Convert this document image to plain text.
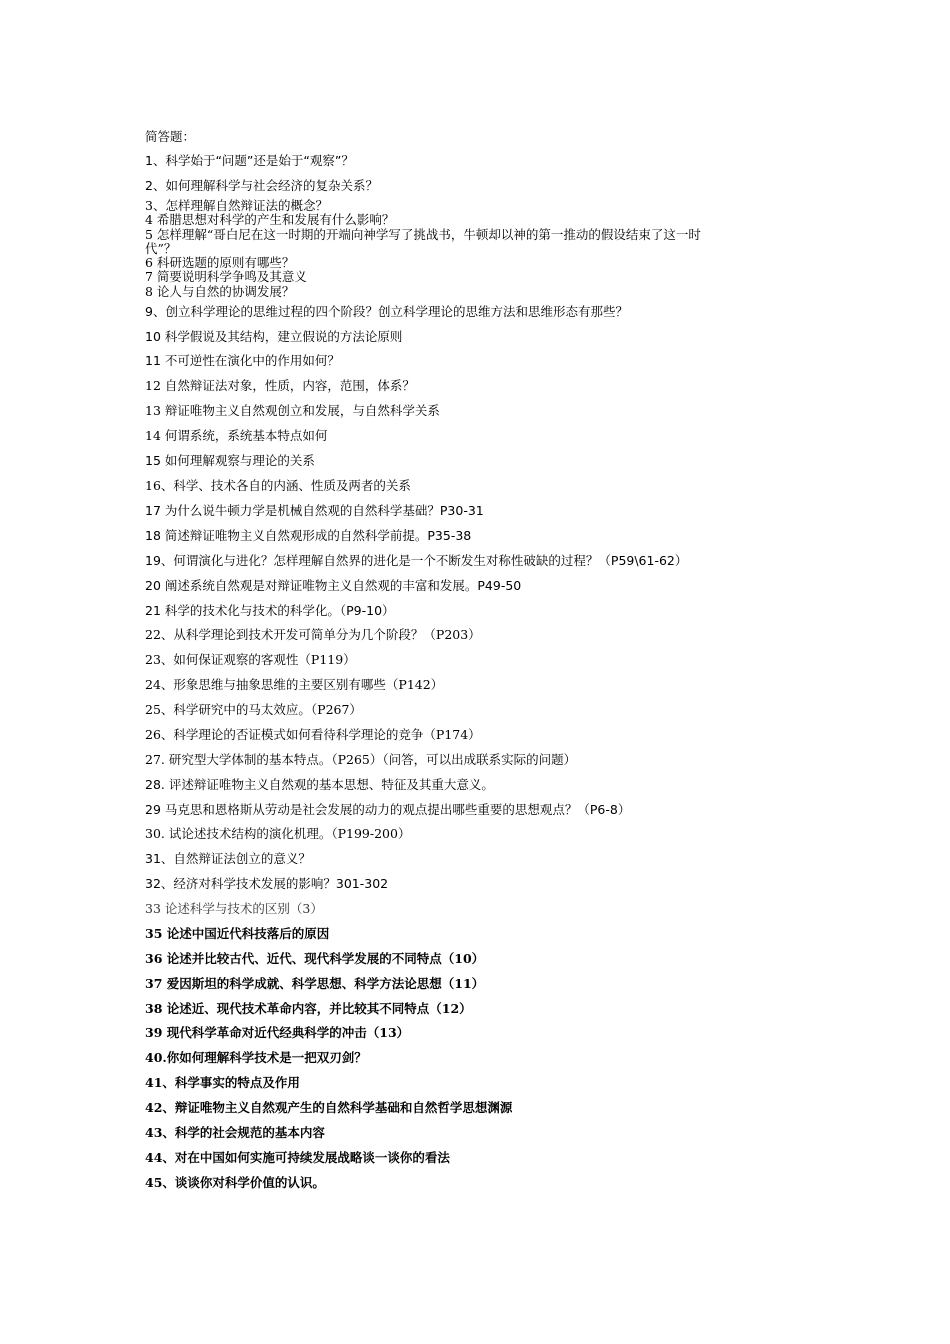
简答题：
1、科学始于“问题”还是始于“观察”？
2、如何理解科学与社会经济的复杂关系？
3、怎样理解自然辩证法的概念？
4 希腊思想对科学的产生和发展有什么影响？
5 怎样理解“哥白尼在这一时期的开端向神学写了挑战书，牛顿却以神的第一推动的假设结束了这一时
代”？
6 科研选题的原则有哪些？
7 简要说明科学争鸣及其意义
8 论人与自然的协调发展？
9、创立科学理论的思维过程的四个阶段？创立科学理论的思维方法和思维形态有那些？
10 科学假说及其结构，建立假说的方法论原则
11 不可逆性在演化中的作用如何？
12 自然辩证法对象，性质，内容，范围，体系？
13 辩证唯物主义自然观创立和发展，与自然科学关系
14 何谓系统，系统基本特点如何
15 如何理解观察与理论的关系
16、科学、技术各自的内涵、性质及两者的关系
17 为什么说牛顿力学是机械自然观的自然科学基础？P30-31
18 简述辩证唯物主义自然观形成的自然科学前提。P35-38
19、何谓演化与进化？怎样理解自然界的进化是一个不断发生对称性破缺的过程？（P59\61-62）
20 阐述系统自然观是对辩证唯物主义自然观的丰富和发展。P49-50
21 科学的技术化与技术的科学化。（P9-10）
22、从科学理论到技术开发可简单分为几个阶段？（P203）
23、如何保证观察的客观性（P119）
24、形象思维与抽象思维的主要区别有哪些（P142）
25、科学研究中的马太效应。（P267）
26、科学理论的否证模式如何看待科学理论的竞争（P174）
27. 研究型大学体制的基本特点。（P265）（问答，可以出成联系实际的问题）
28. 评述辩证唯物主义自然观的基本思想、特征及其重大意义。
29 马克思和恩格斯从劳动是社会发展的动力的观点提出哪些重要的思想观点？（P6-8）
30. 试论述技术结构的演化机理。（P199-200）
31、自然辩证法创立的意义？
32、经济对科学技术发展的影响？301-302
33 论述科学与技术的区别（3）
35 论述中国近代科技落后的原因
36 论述并比较古代、近代、现代科学发展的不同特点（10）
37 爱因斯坦的科学成就、科学思想、科学方法论思想（11）
38 论述近、现代技术革命内容，并比较其不同特点（12）
39 现代科学革命对近代经典科学的冲击（13）
40.你如何理解科学技术是一把双刃剑？
41、科学事实的特点及作用
42、辩证唯物主义自然观产生的自然科学基础和自然哲学思想渊源
43、科学的社会规范的基本内容
44、对在中国如何实施可持续发展战略谈一谈你的看法
45、谈谈你对科学价值的认识。
